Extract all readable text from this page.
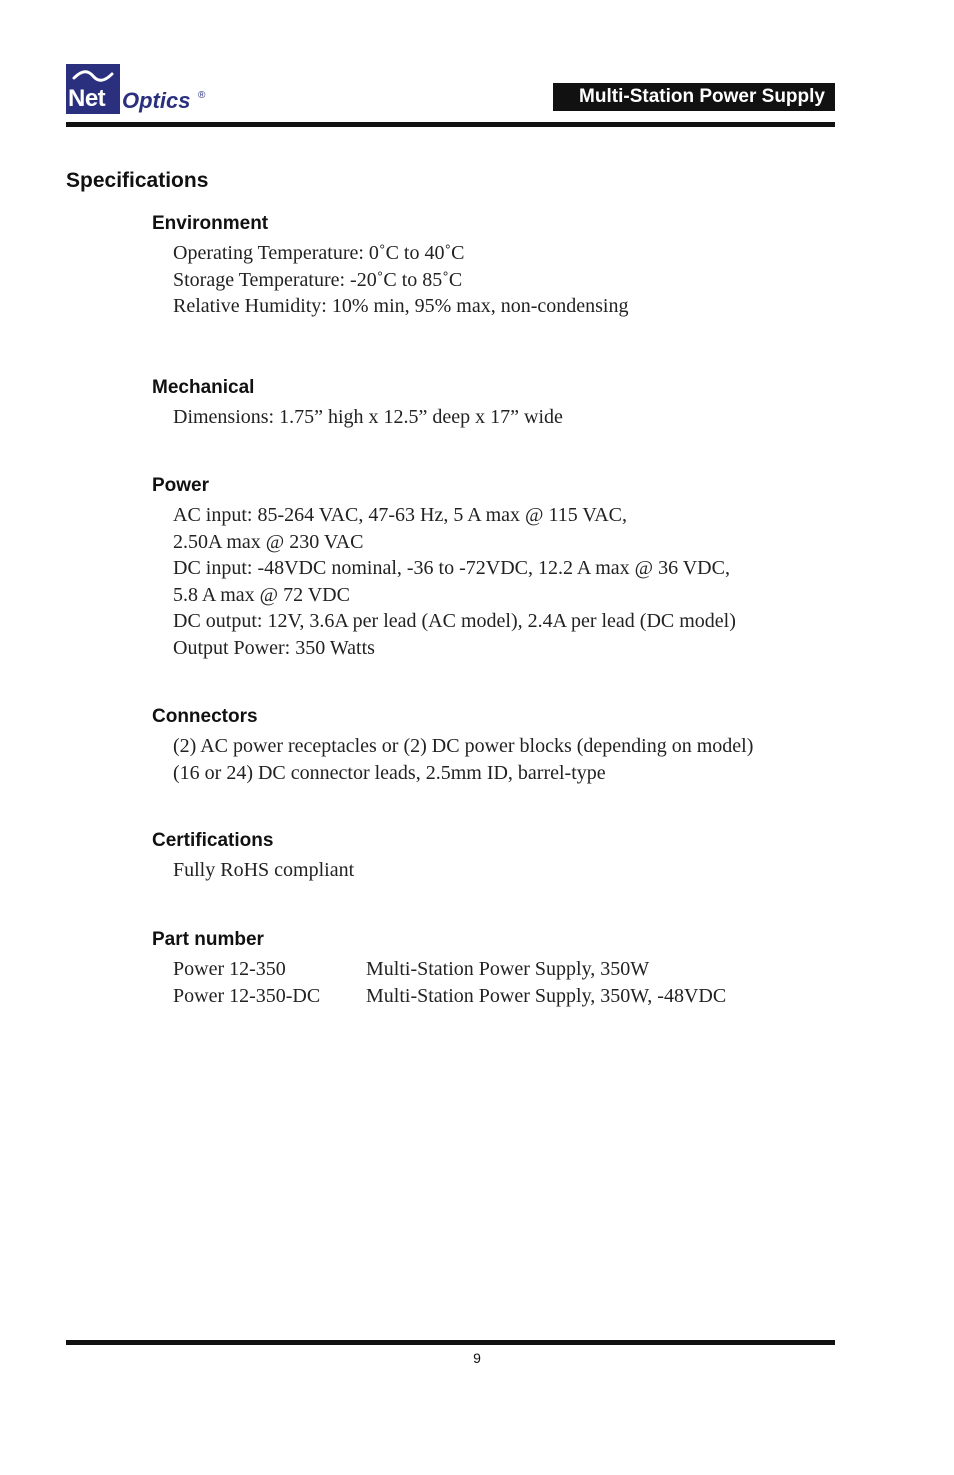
Net Optics ®	Multi-Station Power Supply
Specifications
Environment
Operating Temperature: 0˚C to 40˚C
Storage Temperature: -20˚C to 85˚C
Relative Humidity: 10% min, 95% max, non-condensing
Mechanical
Dimensions: 1.75” high x 12.5” deep x 17” wide
Power
AC input: 85-264 VAC, 47-63 Hz, 5 A max @ 115 VAC,
2.50A max @ 230 VAC
DC input: -48VDC nominal, -36 to -72VDC, 12.2 A max @ 36 VDC,
5.8 A max @ 72 VDC
DC output: 12V, 3.6A per lead (AC model), 2.4A per lead (DC model)
Output Power: 350 Watts
Connectors
(2) AC power receptacles or (2) DC power blocks (depending on model)
(16 or 24) DC connector leads, 2.5mm ID, barrel-type
Certifications
Fully RoHS compliant
Part number
Power 12-350	Multi-Station Power Supply, 350W
Power 12-350-DC	Multi-Station Power Supply, 350W, -48VDC
9
